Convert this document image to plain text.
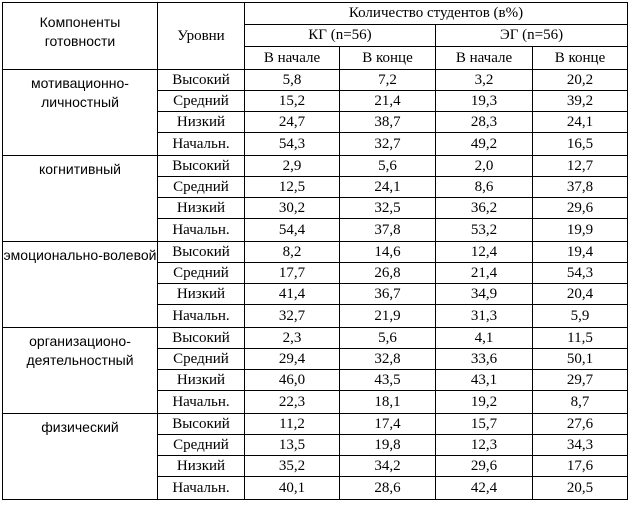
Компоненты готовности	Уровни	Количество студентов (в%)			
		КГ (n=56)		ЭГ (n=56)	
		В начале	В конце	В начале	В конце
мотивационно-личностный	Высокий	5,8	7,2	3,2	20,2
	Средний	15,2	21,4	19,3	39,2
	Низкий	24,7	38,7	28,3	24,1
	Начальн.	54,3	32,7	49,2	16,5
когнитивный	Высокий	2,9	5,6	2,0	12,7
	Средний	12,5	24,1	8,6	37,8
	Низкий	30,2	32,5	36,2	29,6
	Начальн.	54,4	37,8	53,2	19,9
эмоционально-волевой	Высокий	8,2	14,6	12,4	19,4
	Средний	17,7	26,8	21,4	54,3
	Низкий	41,4	36,7	34,9	20,4
	Начальн.	32,7	21,9	31,3	5,9
организационо-деятельностный	Высокий	2,3	5,6	4,1	11,5
	Средний	29,4	32,8	33,6	50,1
	Низкий	46,0	43,5	43,1	29,7
	Начальн.	22,3	18,1	19,2	8,7
физический	Высокий	11,2	17,4	15,7	27,6
	Средний	13,5	19,8	12,3	34,3
	Низкий	35,2	34,2	29,6	17,6
	Начальн.	40,1	28,6	42,4	20,5
